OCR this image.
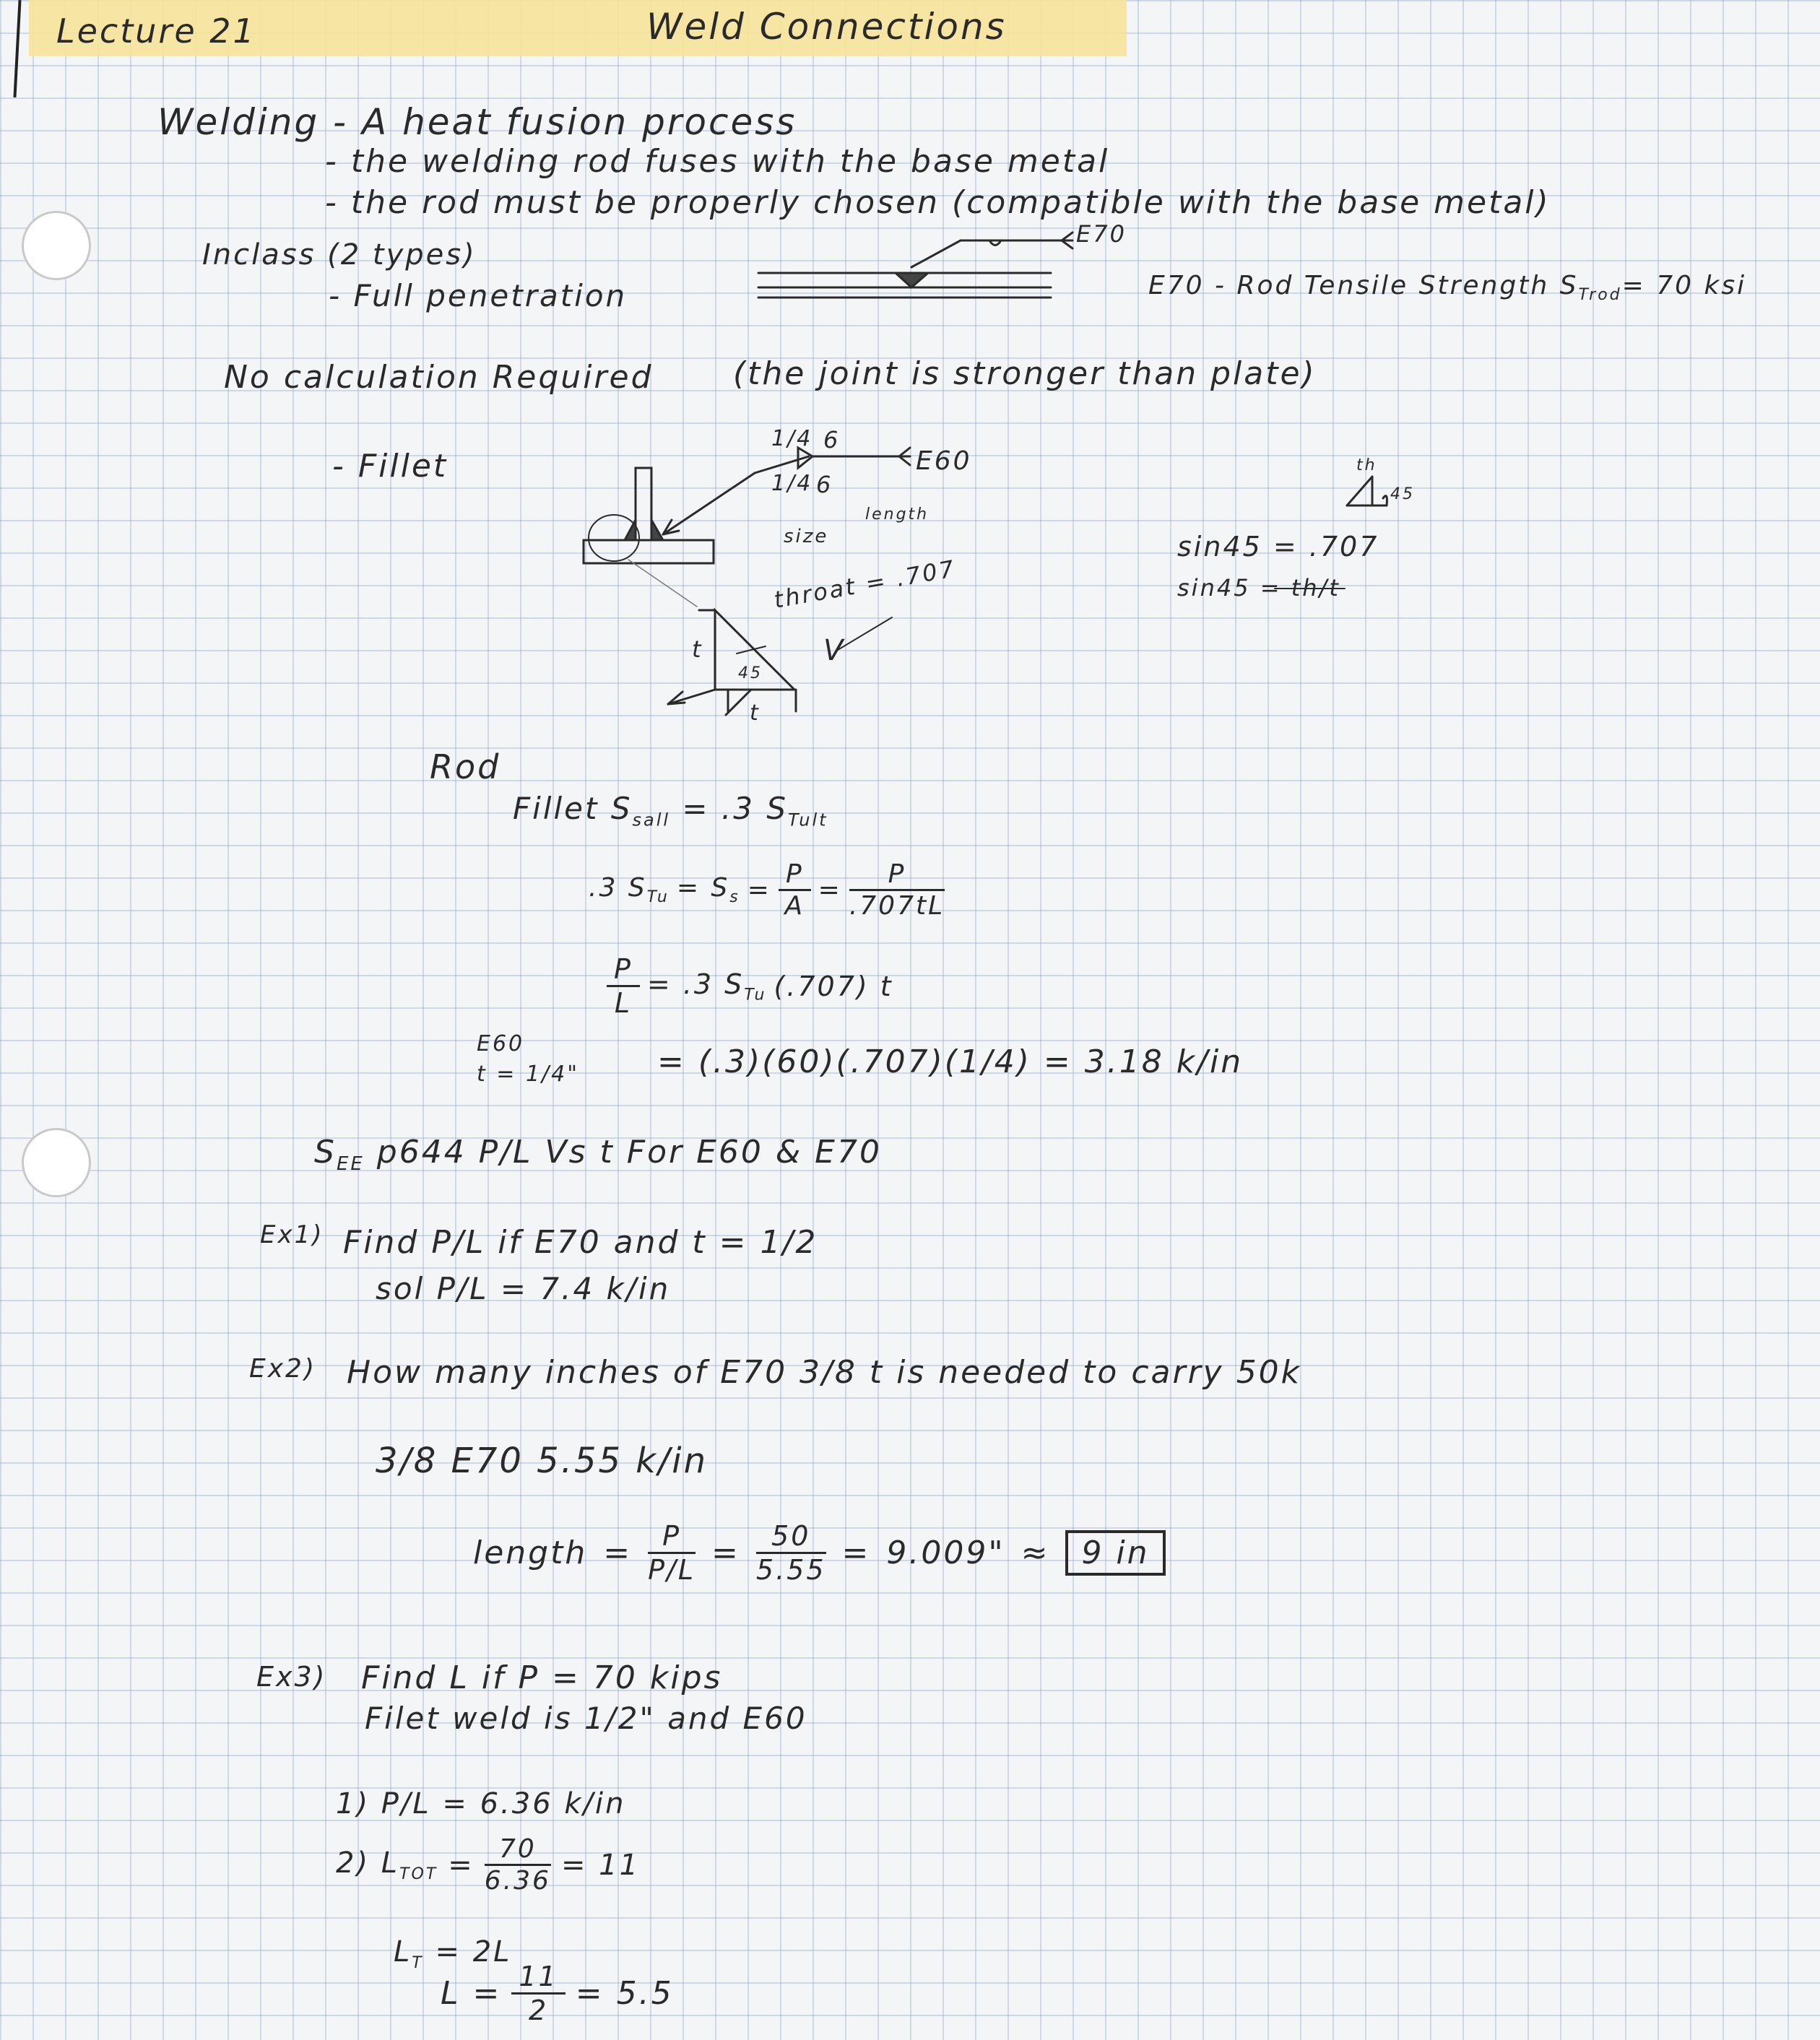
Lecture 21	Weld Connections
Welding - A heat fusion process
- the welding rod fuses with the base metal
- the rod must be properly chosen (compatible with the base metal)
Inclass (2 types)
- Full penetration
E70
E70 - Rod Tensile Strength $S_{Trod}= 70$ ksi
No calculation Required	(the joint is stronger than plate)
- Fillet
1/4
1/4
6
6
E60
size
length
throat = .707
t
t
45
V
sin45 = .707
sin45 = th/t
th
45
Rod
Fillet $S_{sall} = .3$ $S_{Tult}$
.3 $S_{Tu} = S_s = \frac{P}{A} = \frac{P}{.707tL}$
$\frac{P}{L} = .3$ $S_{Tu}$ (.707) t
E60
t = 1/4" = (.3)(60)(.707)(1/4) = 3.18 k/in
$S_{EE}$ p644 P/L Vs t For E60 & E70
Ex1) Find P/L if E70 and t = 1/2
sol P/L = 7.4 k/in
Ex2) How many inches of E70 3/8 t is needed to carry 50k
3/8 E70 5.55 k/in
length = $\frac{P}{P/L} = \frac{50}{5.55} = 9.009$" ≈	9 in
Ex3) Find L if P = 70 kips
Filet weld is 1/2" and E60
1) P/L = 6.36 k/in
2) $L_{TOT} = \frac{70}{6.36} = 11$
$L_T = 2L$
$L = \frac{11}{2} = 5.5$
